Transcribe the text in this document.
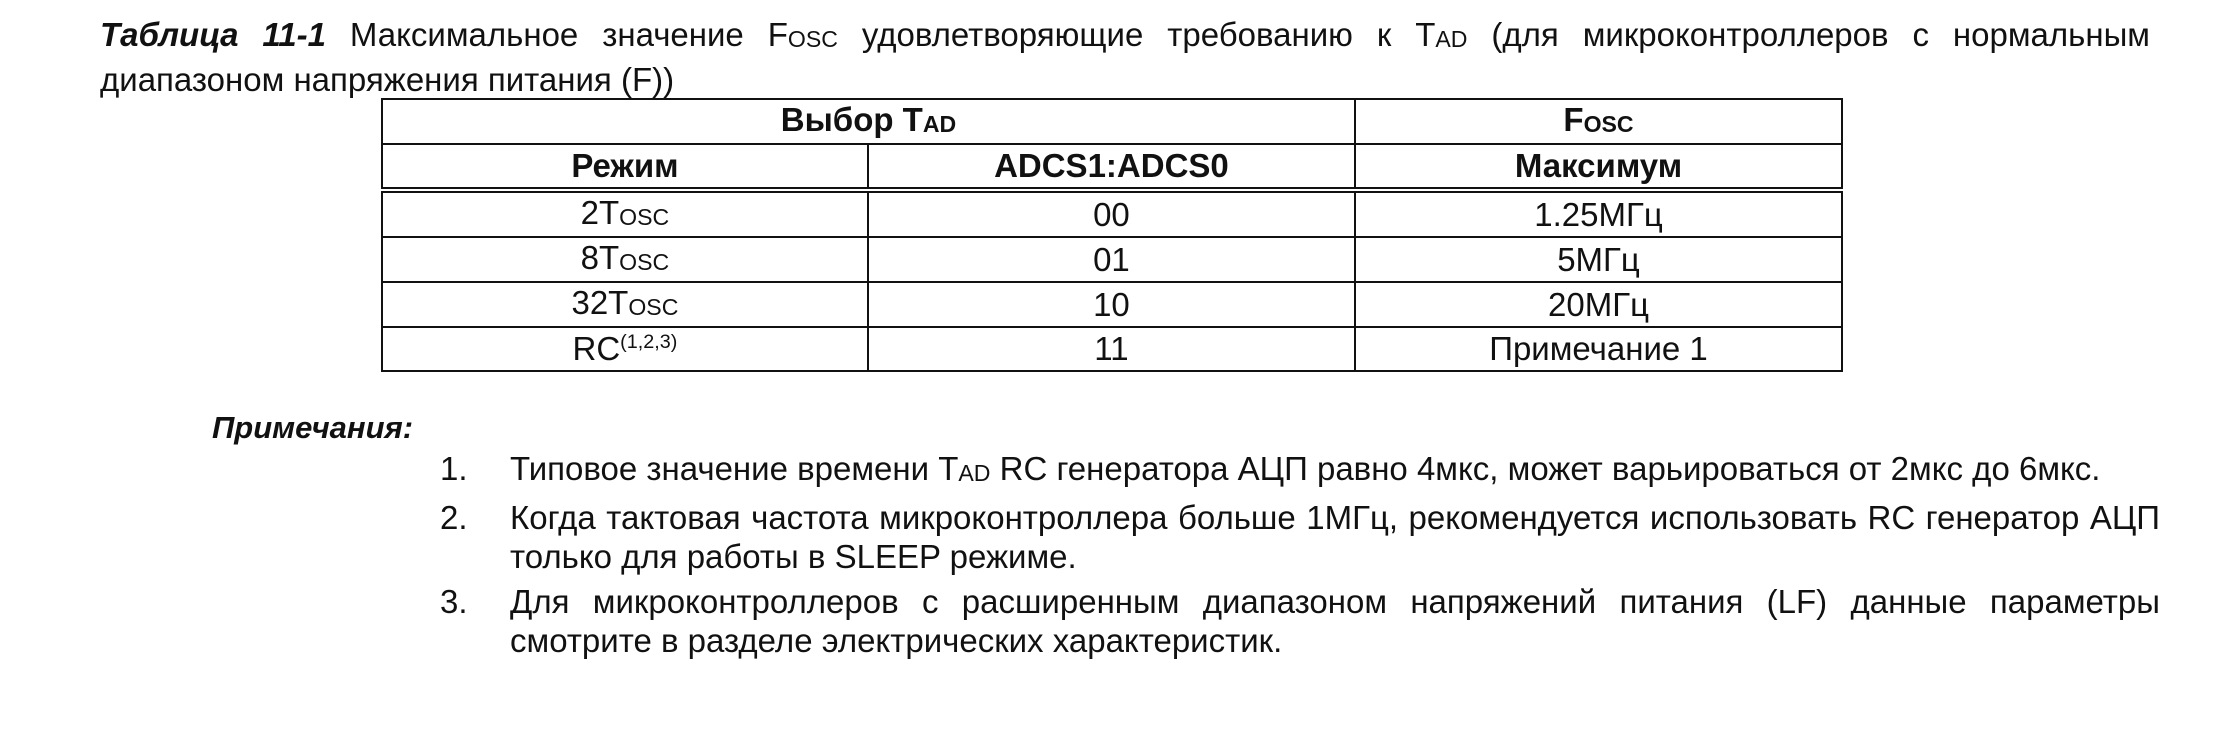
Таблица 11-1 Максимальное значение FOSC удовлетворяющие требованию к TAD (для микроконтроллеров с нормальным диапазоном напряжения питания (F))
Выбор TAD		FOSC
Режим	ADCS1:ADCS0	Максимум
2TOSC	00	1.25МГц
8TOSC	01	5МГц
32TOSC	10	20МГц
RC$^{(1,2,3)}$	11	Примечание 1
Примечания:
1.	Типовое значение времени TAD RC генератора АЦП равно 4мкс, может варьироваться от 2мкс до 6мкс.
2.	Когда тактовая частота микроконтроллера больше 1МГц, рекомендуется использовать RC генератор АЦП только для работы в SLEEP режиме.
3.	Для микроконтроллеров с расширенным диапазоном напряжений питания (LF) данные параметры смотрите в разделе электрических характеристик.
